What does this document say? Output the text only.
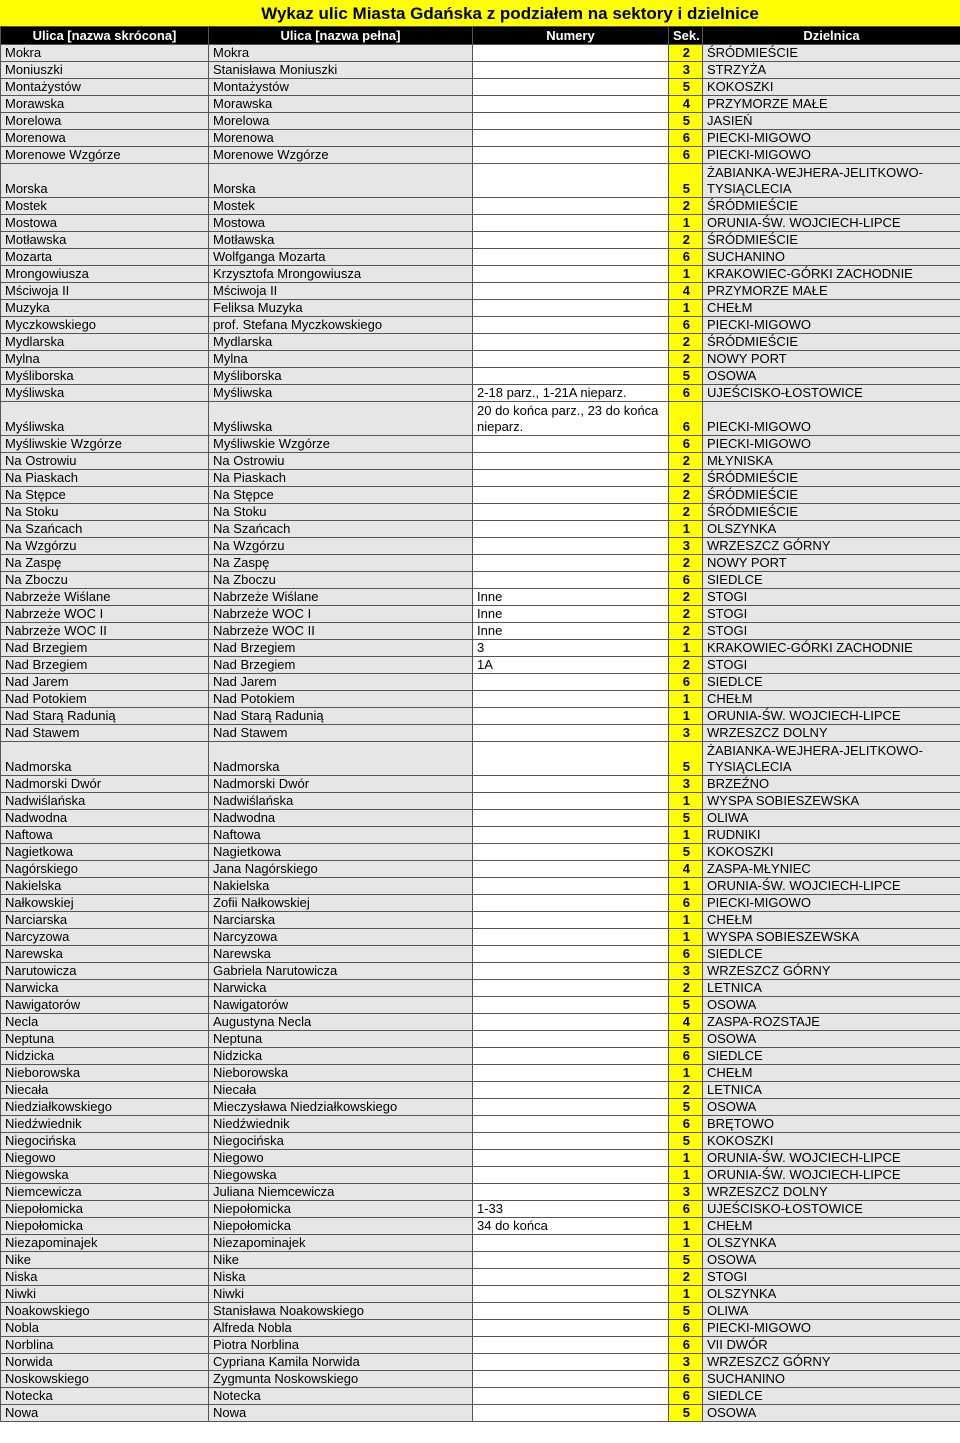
Wykaz ulic Miasta Gdańska z podziałem na sektory i dzielnice
Ulica [nazwa skrócona]	Ulica [nazwa pełna]	Numery	Sek.	Dzielnica
Mokra	Mokra		2	ŚRÓDMIEŚCIE
Moniuszki	Stanisława Moniuszki		3	STRZYŻA
Montażystów	Montażystów		5	KOKOSZKI
Morawska	Morawska		4	PRZYMORZE MAŁE
Morelowa	Morelowa		5	JASIEŃ
Morenowa	Morenowa		6	PIECKI-MIGOWO
Morenowe Wzgórze	Morenowe Wzgórze		6	PIECKI-MIGOWO
Morska	Morska		5	ŻABIANKA-WEJHERA-JELITKOWO-TYSIĄCLECIA
Mostek	Mostek		2	ŚRÓDMIEŚCIE
Mostowa	Mostowa		1	ORUNIA-ŚW. WOJCIECH-LIPCE
Motławska	Motławska		2	ŚRÓDMIEŚCIE
Mozarta	Wolfganga Mozarta		6	SUCHANINO
Mrongowiusza	Krzysztofa Mrongowiusza		1	KRAKOWIEC-GÓRKI ZACHODNIE
Mściwoja II	Mściwoja II		4	PRZYMORZE MAŁE
Muzyka	Feliksa Muzyka		1	CHEŁM
Myczkowskiego	prof. Stefana Myczkowskiego		6	PIECKI-MIGOWO
Mydlarska	Mydlarska		2	ŚRÓDMIEŚCIE
Mylna	Mylna		2	NOWY PORT
Myśliborska	Myśliborska		5	OSOWA
Myśliwska	Myśliwska	2-18 parz., 1-21A nieparz.	6	UJEŚCISKO-ŁOSTOWICE
Myśliwska	Myśliwska	20 do końca parz., 23 do końca nieparz.	6	PIECKI-MIGOWO
Myśliwskie Wzgórze	Myśliwskie Wzgórze		6	PIECKI-MIGOWO
Na Ostrowiu	Na Ostrowiu		2	MŁYNISKA
Na Piaskach	Na Piaskach		2	ŚRÓDMIEŚCIE
Na Stępce	Na Stępce		2	ŚRÓDMIEŚCIE
Na Stoku	Na Stoku		2	ŚRÓDMIEŚCIE
Na Szańcach	Na Szańcach		1	OLSZYNKA
Na Wzgórzu	Na Wzgórzu		3	WRZESZCZ GÓRNY
Na Zaspę	Na Zaspę		2	NOWY PORT
Na Zboczu	Na Zboczu		6	SIEDLCE
Nabrzeże Wiślane	Nabrzeże Wiślane	Inne	2	STOGI
Nabrzeże WOC I	Nabrzeże WOC I	Inne	2	STOGI
Nabrzeże WOC II	Nabrzeże WOC II	Inne	2	STOGI
Nad Brzegiem	Nad Brzegiem	3	1	KRAKOWIEC-GÓRKI ZACHODNIE
Nad Brzegiem	Nad Brzegiem	1A	2	STOGI
Nad Jarem	Nad Jarem		6	SIEDLCE
Nad Potokiem	Nad Potokiem		1	CHEŁM
Nad Starą Radunią	Nad Starą Radunią		1	ORUNIA-ŚW. WOJCIECH-LIPCE
Nad Stawem	Nad Stawem		3	WRZESZCZ DOLNY
Nadmorska	Nadmorska		5	ŻABIANKA-WEJHERA-JELITKOWO-TYSIĄCLECIA
Nadmorski Dwór	Nadmorski Dwór		3	BRZEŹNO
Nadwiślańska	Nadwiślańska		1	WYSPA SOBIESZEWSKA
Nadwodna	Nadwodna		5	OLIWA
Naftowa	Naftowa		1	RUDNIKI
Nagietkowa	Nagietkowa		5	KOKOSZKI
Nagórskiego	Jana Nagórskiego		4	ZASPA-MŁYNIEC
Nakielska	Nakielska		1	ORUNIA-ŚW. WOJCIECH-LIPCE
Nałkowskiej	Zofii Nałkowskiej		6	PIECKI-MIGOWO
Narciarska	Narciarska		1	CHEŁM
Narcyzowa	Narcyzowa		1	WYSPA SOBIESZEWSKA
Narewska	Narewska		6	SIEDLCE
Narutowicza	Gabriela Narutowicza		3	WRZESZCZ GÓRNY
Narwicka	Narwicka		2	LETNICA
Nawigatorów	Nawigatorów		5	OSOWA
Necla	Augustyna Necla		4	ZASPA-ROZSTAJE
Neptuna	Neptuna		5	OSOWA
Nidzicka	Nidzicka		6	SIEDLCE
Nieborowska	Nieborowska		1	CHEŁM
Niecała	Niecała		2	LETNICA
Niedziałkowskiego	Mieczysława Niedziałkowskiego		5	OSOWA
Niedźwiednik	Niedźwiednik		6	BRĘTOWO
Niegocińska	Niegocińska		5	KOKOSZKI
Niegowo	Niegowo		1	ORUNIA-ŚW. WOJCIECH-LIPCE
Niegowska	Niegowska		1	ORUNIA-ŚW. WOJCIECH-LIPCE
Niemcewicza	Juliana Niemcewicza		3	WRZESZCZ DOLNY
Niepołomicka	Niepołomicka	1-33	6	UJEŚCISKO-ŁOSTOWICE
Niepołomicka	Niepołomicka	34 do końca	1	CHEŁM
Niezapominajek	Niezapominajek		1	OLSZYNKA
Nike	Nike		5	OSOWA
Niska	Niska		2	STOGI
Niwki	Niwki		1	OLSZYNKA
Noakowskiego	Stanisława Noakowskiego		5	OLIWA
Nobla	Alfreda Nobla		6	PIECKI-MIGOWO
Norblina	Piotra Norblina		6	VII DWÓR
Norwida	Cypriana Kamila Norwida		3	WRZESZCZ GÓRNY
Noskowskiego	Zygmunta Noskowskiego		6	SUCHANINO
Notecka	Notecka		6	SIEDLCE
Nowa	Nowa		5	OSOWA
